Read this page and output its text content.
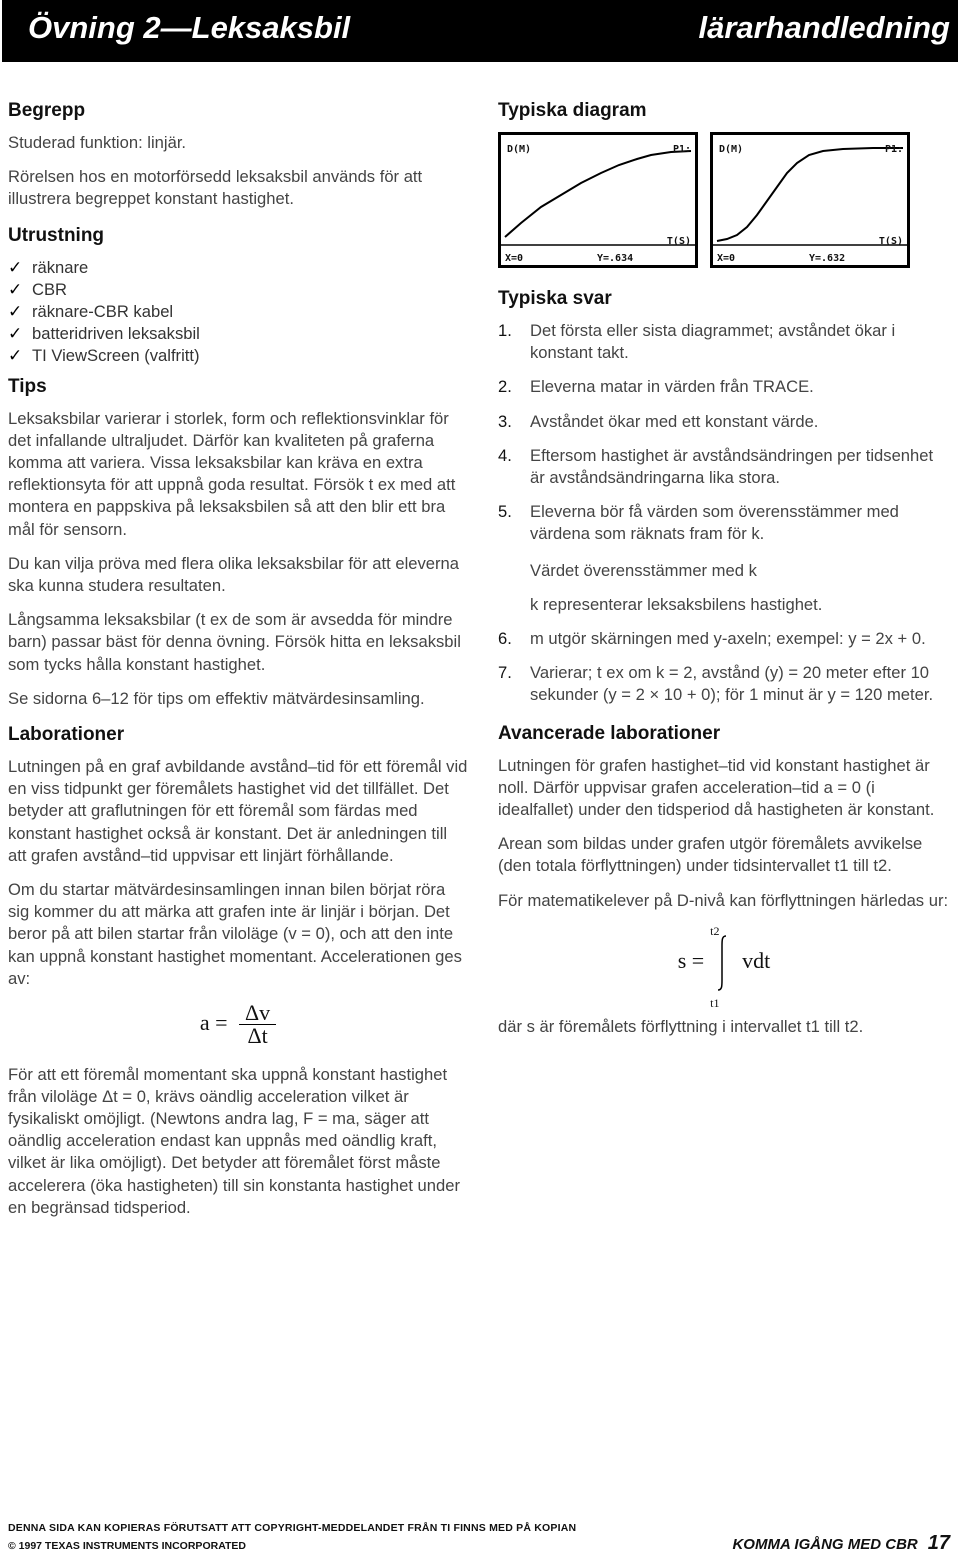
Övning 2—Leksaksbil	lärarhandledning
Begrepp
Studerad funktion: linjär.
Rörelsen hos en motorförsedd leksaksbil används för att illustrera begreppet konstant hastighet.
Utrustning
✓ räknare
✓ CBR
✓ räknare-CBR kabel
✓ batteridriven leksaksbil
✓ TI ViewScreen (valfritt)
Tips
Leksaksbilar varierar i storlek, form och reflektionsvinklar för det infallande ultraljudet. Därför kan kvaliteten på graferna komma att variera. Vissa leksaksbilar kan kräva en extra reflektionsyta för att uppnå goda resultat. Försök t ex med att montera en pappskiva på leksaksbilen så att den blir ett bra mål för sensorn.
Du kan vilja pröva med flera olika leksaksbilar för att eleverna ska kunna studera resultaten.
Långsamma leksaksbilar (t ex de som är avsedda för mindre barn) passar bäst för denna övning. Försök hitta en leksaksbil som tycks hålla konstant hastighet.
Se sidorna 6–12 för tips om effektiv mätvärdesinsamling.
Laborationer
Lutningen på en graf avbildande avstånd–tid för ett föremål vid en viss tidpunkt ger föremålets hastighet vid det tillfället. Det betyder att graflutningen för ett föremål som färdas med konstant hastighet också är konstant. Det är anledningen till att grafen avstånd–tid uppvisar ett linjärt förhållande.
Om du startar mätvärdesinsamlingen innan bilen börjat röra sig kommer du att märka att grafen inte är linjär i början. Det beror på att bilen startar från viloläge (v = 0), och att den inte kan uppnå konstant hastighet momentant. Accelerationen ges av:
$a = \frac{\Delta v}{\Delta t}$
För att ett föremål momentant ska uppnå konstant hastighet från viloläge Δt = 0, krävs oändlig acceleration vilket är fysikaliskt omöjligt. (Newtons andra lag, F = ma, säger att oändlig acceleration endast kan uppnås med oändlig kraft, vilket är lika omöjligt). Det betyder att föremålet först måste accelerera (öka hastigheten) till sin konstanta hastighet under en begränsad tidsperiod.
Typiska diagram
D(M)	P1:
T(S)
X=0	Y=.634
D(M)	P1:
T(S)
X=0	Y=.632
Typiska svar
1.	Det första eller sista diagrammet; avståndet ökar i konstant takt.
2.	Eleverna matar in värden från TRACE.
3.	Avståndet ökar med ett konstant värde.
4.	Eftersom hastighet är avståndsändringen per tidsenhet är avståndsändringarna lika stora.
5.	Eleverna bör få värden som överensstämmer med värdena som räknats fram för k.
Värdet överensstämmer med k
k representerar leksaksbilens hastighet.
6.	m utgör skärningen med y-axeln; exempel: y = 2x + 0.
7.	Varierar; t ex om k = 2, avstånd (y) = 20 meter efter 10 sekunder (y = 2 × 10 + 0); för 1 minut är y = 120 meter.
Avancerade laborationer
Lutningen för grafen hastighet–tid vid konstant hastighet är noll. Därför uppvisar grafen acceleration–tid a = 0 (i idealfallet) under den tidsperiod då hastigheten är konstant.
Arean som bildas under grafen utgör föremålets avvikelse (den totala förflyttningen) under tidsintervallet t1 till t2.
För matematikelever på D-nivå kan förflyttningen härledas ur:
s =
t2
t1
vdt
där s är föremålets förflyttning i intervallet t1 till t2.
DENNA SIDA KAN KOPIERAS FÖRUTSATT ATT COPYRIGHT-MEDDELANDET FRÅN TI FINNS MED PÅ KOPIAN
© 1997 TEXAS INSTRUMENTS INCORPORATED	KOMMA IGÅNG MED CBR 17
